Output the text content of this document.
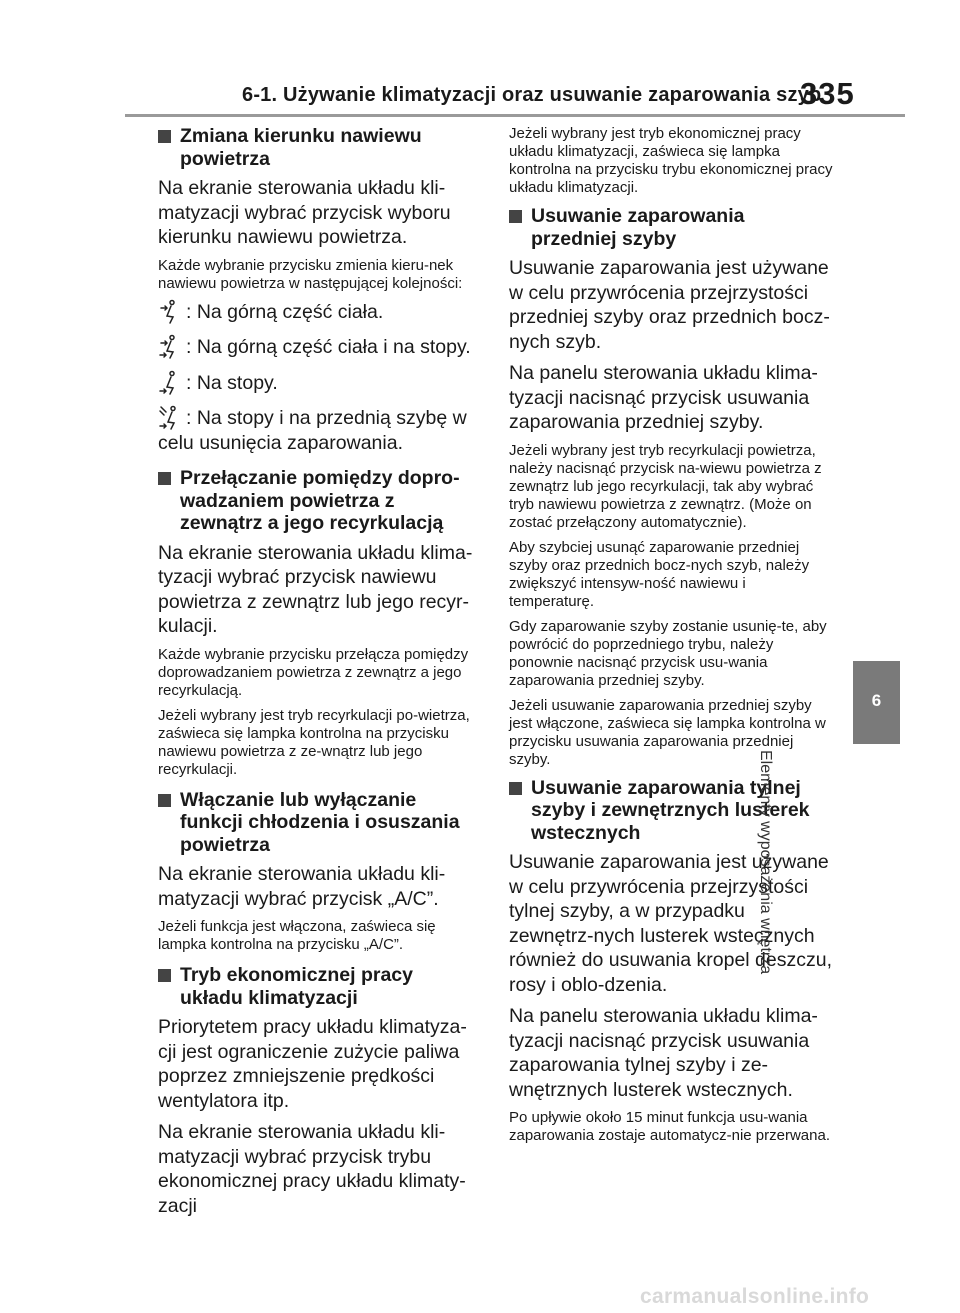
6-1. Używanie klimatyzacji oraz usuwanie zaparowania szyb
335
Zmiana kierunku nawiewu powietrza

Na ekranie sterowania układu kli-matyzacji wybrać przycisk wyboru kierunku nawiewu powietrza.

Każde wybranie przycisku zmienia kieru-nek nawiewu powietrza w następującej kolejności:

: Na górną część ciała.
: Na górną część ciała i na stopy.
: Na stopy.
: Na stopy i na przednią szybę w celu usunięcia zaparowania.
Przełączanie pomiędzy dopro-wadzaniem powietrza z zewnątrz a jego recyrkulacją

Na ekranie sterowania układu klima-tyzacji wybrać przycisk nawiewu powietrza z zewnątrz lub jego recyr-kulacji.

Każde wybranie przycisku przełącza pomiędzy doprowadzaniem powietrza z zewnątrz a jego recyrkulacją.

Jeżeli wybrany jest tryb recyrkulacji po-wietrza, zaświeca się lampka kontrolna na przycisku nawiewu powietrza z ze-wnątrz lub jego recyrkulacji.

Włączanie lub wyłączanie funkcji chłodzenia i osuszania powietrza

Na ekranie sterowania układu kli-matyzacji wybrać przycisk „A/C”.

Jeżeli funkcja jest włączona, zaświeca się lampka kontrolna na przycisku „A/C”.

Tryb ekonomicznej pracy układu klimatyzacji

Priorytetem pracy układu klimatyza-cji jest ograniczenie zużycie paliwa poprzez zmniejszenie prędkości wentylatora itp.

Na ekranie sterowania układu kli-matyzacji wybrać przycisk trybu ekonomicznej pracy układu klimaty-zacji

Jeżeli wybrany jest tryb ekonomicznej pracy układu klimatyzacji, zaświeca się lampka kontrolna na przycisku trybu ekonomicznej pracy układu klimatyzacji.

Usuwanie zaparowania przedniej szyby

Usuwanie zaparowania jest używane w celu przywrócenia przejrzystości przedniej szyby oraz przednich bocz-nych szyb.

Na panelu sterowania układu klima-tyzacji nacisnąć przycisk usuwania zaparowania przedniej szyby.

Jeżeli wybrany jest tryb recyrkulacji powietrza, należy nacisnąć przycisk na-wiewu powietrza z zewnątrz lub jego recyrkulacji, tak aby wybrać tryb nawiewu powietrza z zewnątrz. (Może on zostać przełączony automatycznie).

Aby szybciej usunąć zaparowanie przedniej szyby oraz przednich bocz-nych szyb, należy zwiększyć intensyw-ność nawiewu i temperaturę.

Gdy zaparowanie szyby zostanie usunię-te, aby powrócić do poprzedniego trybu, należy ponownie nacisnąć przycisk usu-wania zaparowania przedniej szyby.

Jeżeli usuwanie zaparowania przedniej szyby jest włączone, zaświeca się lampka kontrolna w przycisku usuwania zaparowania przedniej szyby.

Usuwanie zaparowania tylnej szyby i zewnętrznych lusterek wstecznych

Usuwanie zaparowania jest używane w celu przywrócenia przejrzystości tylnej szyby, a w przypadku zewnętrz-nych lusterek wstecznych również do usuwania kropel deszczu, rosy i oblo-dzenia.

Na panelu sterowania układu klima-tyzacji nacisnąć przycisk usuwania zaparowania tylnej szyby i ze-wnętrznych lusterek wstecznych.

Po upływie około 15 minut funkcja usu-wania zaparowania zostaje automatycz-nie przerwana.

6
Elementy wyposażenia wnętrza
carmanualsonline.info
